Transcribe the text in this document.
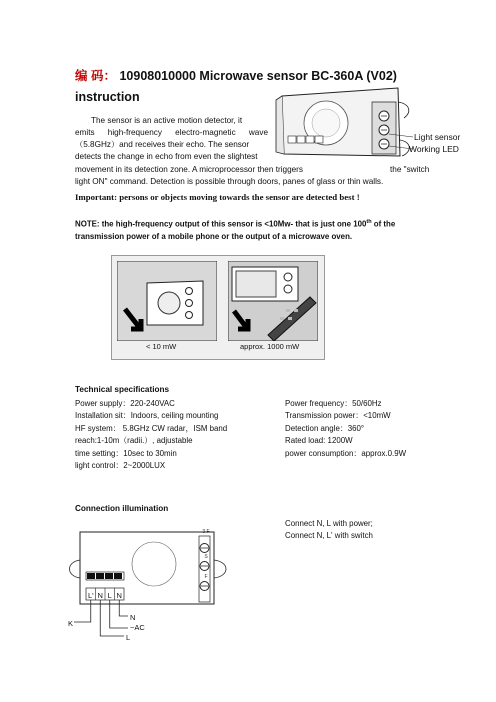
编 码： 10908010000 Microwave sensor BC-360A (V02)
instruction
The sensor is an active motion detector, it
emits high-frequency electro-magnetic wave
（5.8GHz）and receives their echo. The sensor
detects the change in echo from even the slightest
movement in its detection zone. A microprocessor then triggers	the "switch
light ON" command. Detection is possible through doors, panes of glass or thin walls.
Light sensor
Working LED
Important: persons or objects moving towards the sensor are detected best !
NOTE: the high-frequency output of this sensor is <10Mw- that is just one 100th of the transmission power of a mobile phone or the output of a microwave oven.
< 10 mW	approx. 1000 mW
Technical specifications
Power supply：220-240VAC
Installation sit：Indoors, ceiling mounting
HF system： 5.8GHz CW radar，ISM band
reach:1-10m（radii.）, adjustable
time setting：10sec to 30min
light control：2~2000LUX
Power frequency：50/60Hz
Transmission power：<10mW
Detection angle：360°
Rated load: 1200W
power consumption：approx.0.9W
Connection illumination
Connect N, L with power;
Connect N, L' with switch
L' N L N
3 F
S
F
K
N
~AC
L
